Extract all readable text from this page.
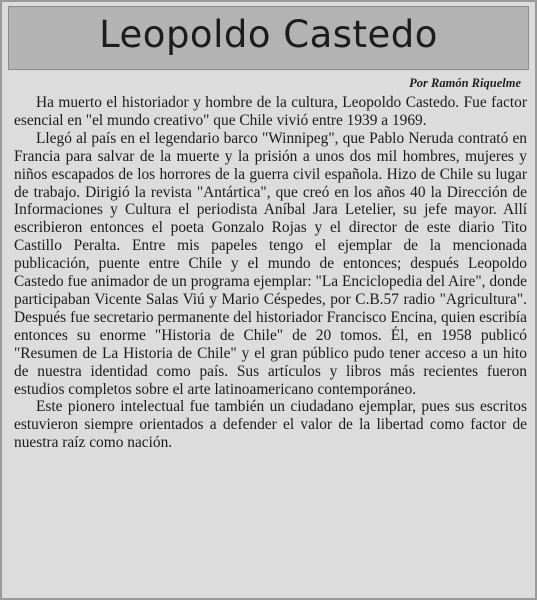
Leopoldo Castedo
Por Ramón Riquelme

Ha muerto el historiador y hombre de la cultura, Leopoldo Castedo. Fue factor esencial en "el mundo creativo" que Chile vivió entre 1939 a 1969.

Llegó al país en el legendario barco "Winnipeg", que Pablo Neruda contrató en Francia para salvar de la muerte y la prisión a unos dos mil hombres, mujeres y niños escapados de los horrores de la guerra civil española. Hizo de Chile su lugar de trabajo. Dirigió la revista "Antártica", que creó en los años 40 la Dirección de Informaciones y Cultura el periodista Aníbal Jara Letelier, su jefe mayor. Allí escribieron entonces el poeta Gonzalo Rojas y el director de este diario Tito Castillo Peralta. Entre mis papeles tengo el ejemplar de la mencionada publicación, puente entre Chile y el mundo de entonces; después Leopoldo Castedo fue animador de un programa ejemplar: "La Enciclopedia del Aire", donde participaban Vicente Salas Viú y Mario Céspedes, por C.B.57 radio "Agricultura". Después fue secretario permanente del historiador Francisco Encina, quien escribía entonces su enorme "Historia de Chile" de 20 tomos. Él, en 1958 publicó "Resumen de La Historia de Chile" y el gran público pudo tener acceso a un hito de nuestra identidad como país. Sus artículos y libros más recientes fueron estudios completos sobre el arte latinoamericano contemporáneo.

Este pionero intelectual fue también un ciudadano ejemplar, pues sus escritos estuvieron siempre orientados a defender el valor de la libertad como factor de nuestra raíz como nación.
